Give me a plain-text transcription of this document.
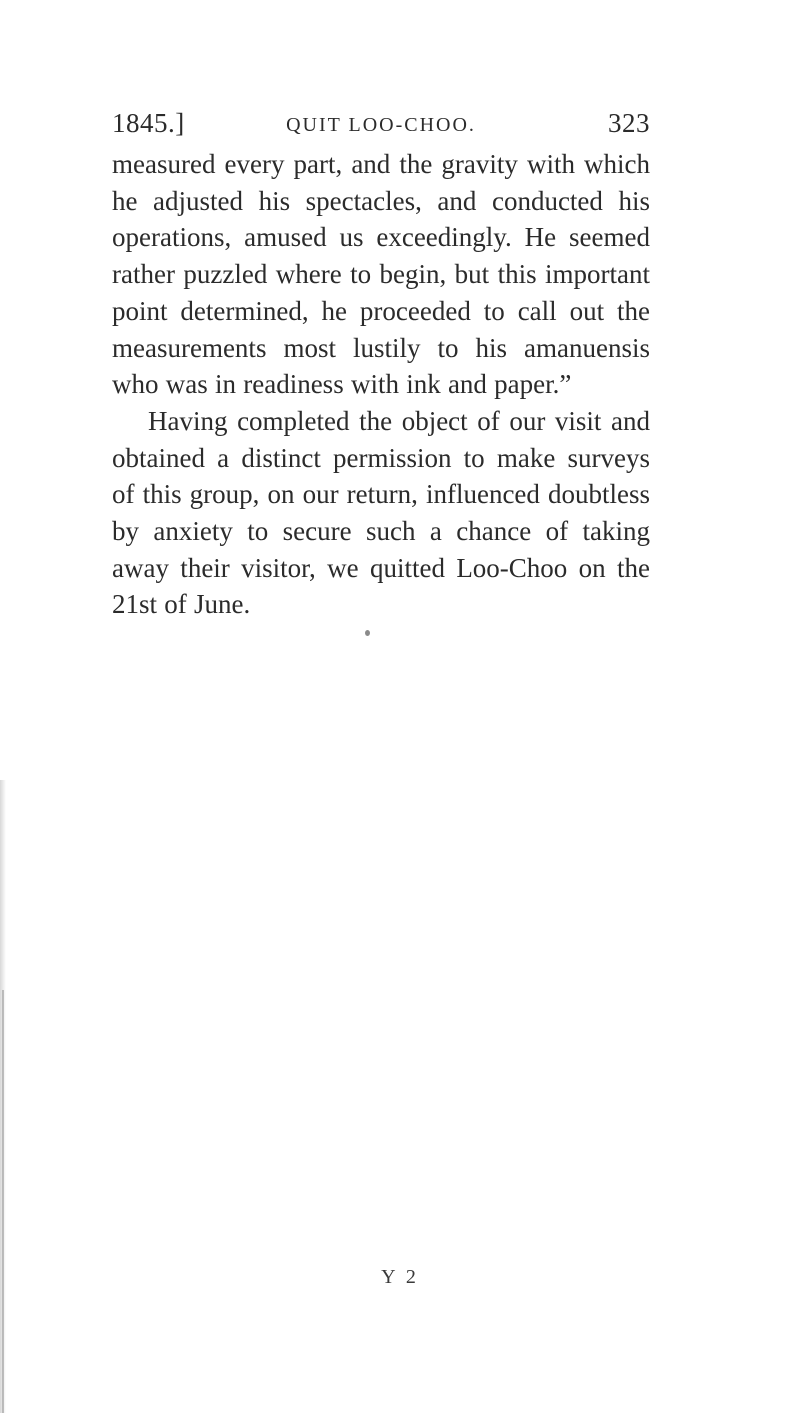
1845.]	QUIT LOO-CHOO.	323

measured every part, and the gravity with which he adjusted his spectacles, and conducted his operations, amused us exceedingly. He seemed rather puzzled where to begin, but this important point determined, he proceeded to call out the measurements most lustily to his amanuensis who was in readiness with ink and paper.”

Having completed the object of our visit and obtained a distinct permission to make surveys of this group, on our return, influenced doubtless by anxiety to secure such a chance of taking away their visitor, we quitted Loo-Choo on the 21st of June.

Y 2
